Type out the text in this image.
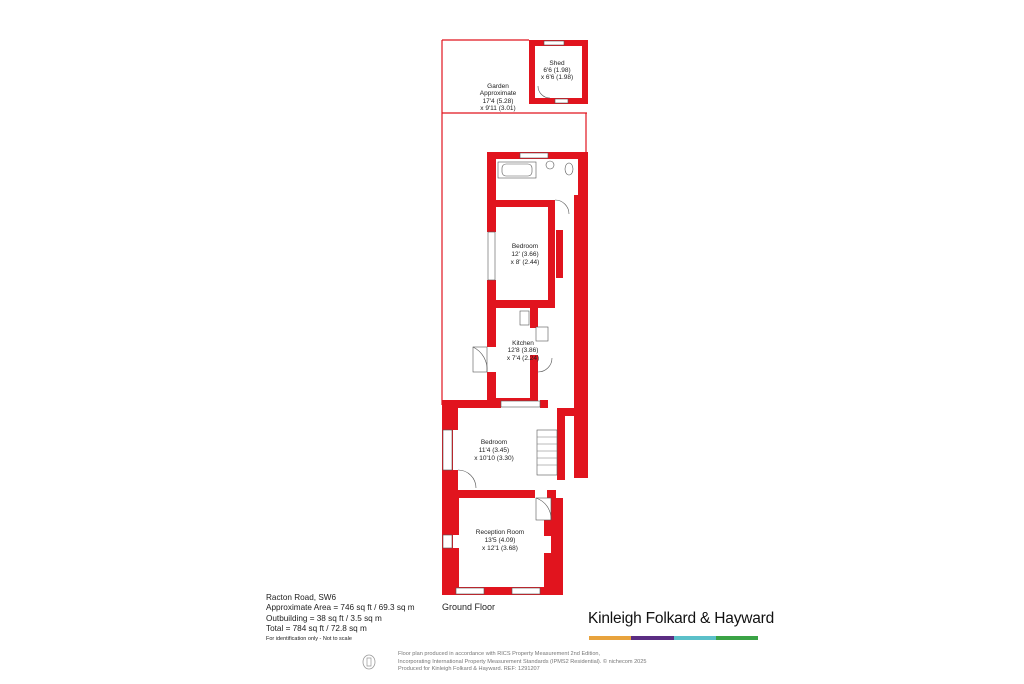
Garden
Approximate
17'4 (5.28)
x 9'11 (3.01)
Shed
6'6 (1.98)
x 6'6 (1.98)
Bedroom
12' (3.66)
x 8' (2.44)
Kitchen
12'8 (3.86)
x 7'4 (2.24)
Bedroom
11'4 (3.45)
x 10'10 (3.30)
Reception Room
13'5 (4.09)
x 12'1 (3.68)
Ground Floor
Racton Road, SW6
Approximate Area = 746 sq ft / 69.3 sq m
Outbuilding = 38 sq ft / 3.5 sq m
Total = 784 sq ft / 72.8 sq m
For identification only - Not to scale
Kinleigh Folkard & Hayward
Floor plan produced in accordance with RICS Property Measurement 2nd Edition,
Incorporating International Property Measurement Standards (IPMS2 Residential). © nichecom 2025
Produced for Kinleigh Folkard & Hayward. REF: 1291207
